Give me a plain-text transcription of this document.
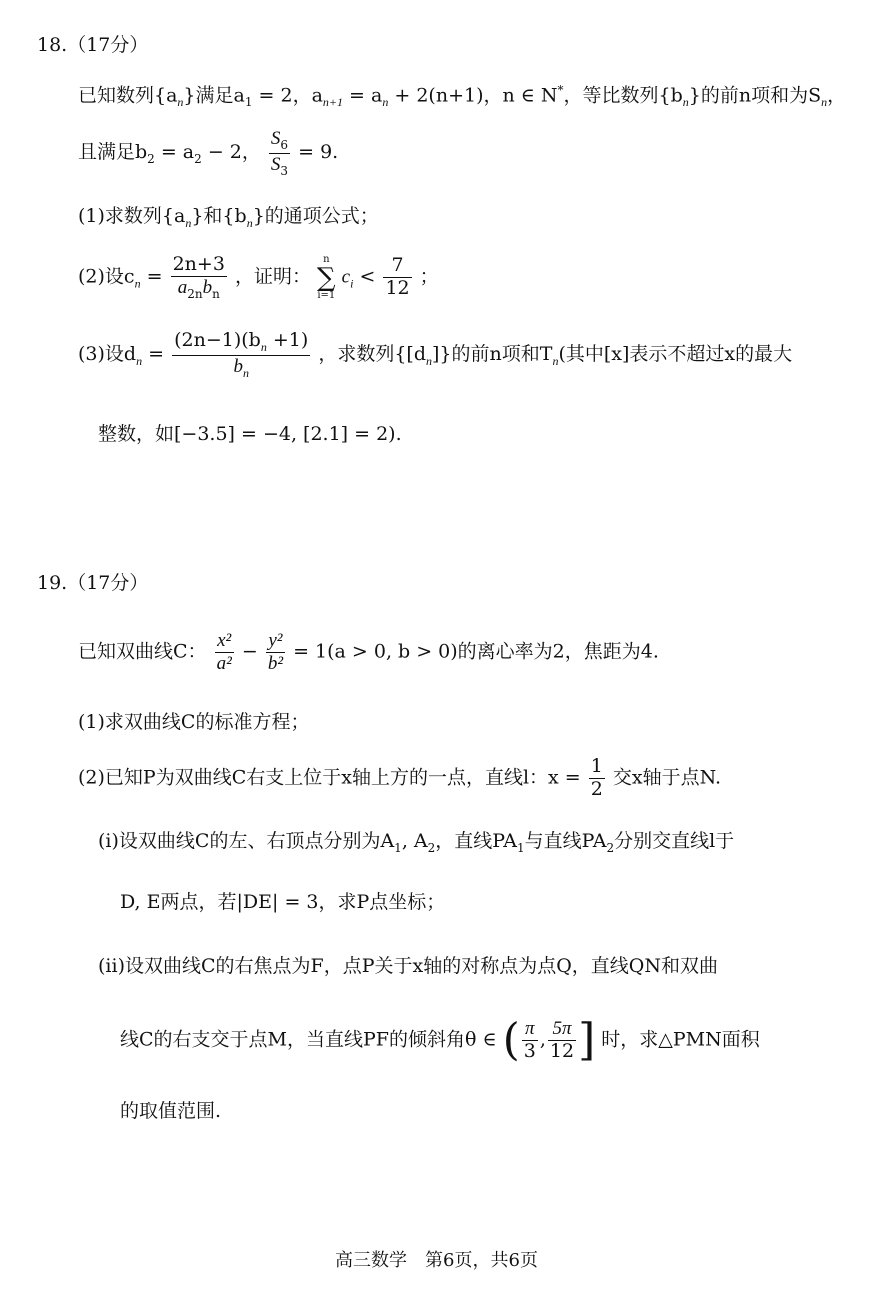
18.（17分）
已知数列$\{a_n\}$满足$a_1 = 2$，$a_{n+1} = a_n + 2(n+1)$，n ∈ N*，等比数列$\{b_n\}$的前n项和为$S_n$，
且满足$b_2 = a_2 - 2$， $\frac{S_6}{S_3} = 9$.
(1)求数列$\{a_n\}$和$\{b_n\}$的通项公式；
(2)设$c_n = \frac{2n+3}{a_{2n}b_n}$ ，证明：
n
∑
i=1
$c_i < \frac{7}{12}$ ；
(3)设$d_n = \frac{(2n-1)(b_n +1)}{b_n}$ ，求数列$\{[d_n]\}$的前n项和$T_n$(其中[x]表示不超过x的最大
整数，如[−3.5] = −4, [2.1] = 2).
19.（17分）
已知双曲线C： $\frac{\text{x²}}{\text{a²}} - \frac{\text{y²}}{\text{b²}} = 1(a > 0$, b > 0)的离心率为2，焦距为4.
(1)求双曲线C的标准方程；
(2)已知P为双曲线C右支上位于x轴上方的一点，直线l：$x = \frac{1}{2}$ 交x轴于点N.
(i)设双曲线C的左、右顶点分别为$A_1$, $A_2$，直线$PA_1$与直线$PA_2$分别交直线l于
D, E两点，若|DE| = 3，求P点坐标；
(ii)设双曲线C的右焦点为F，点P关于x轴的对称点为点Q，直线QN和双曲
线C的右支交于点M，当直线PF的倾斜角θ ∈ ( $\frac{\pi}{3}$ , $\frac{5\pi}{12}$ ] 时，求△PMN面积
的取值范围.
高三数学　第6页，共6页
